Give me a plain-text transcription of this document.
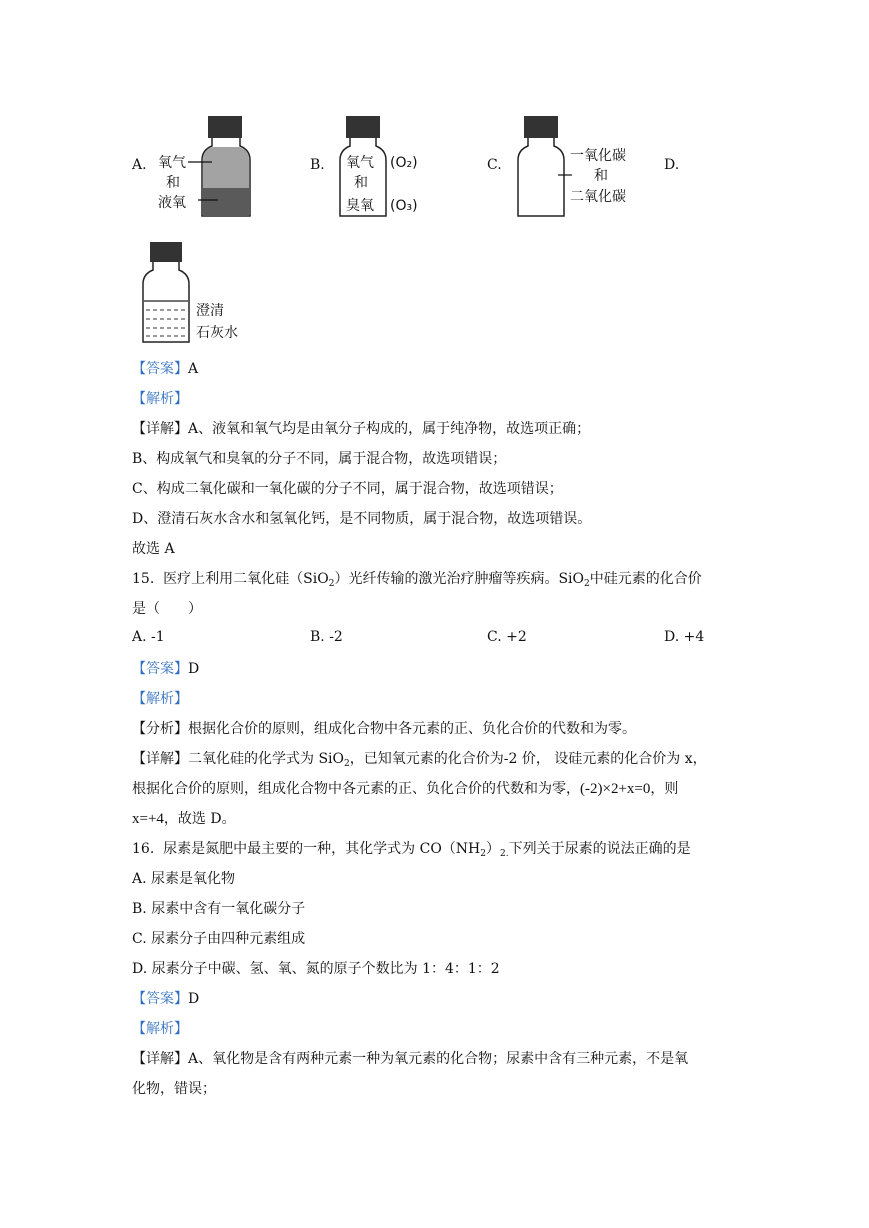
A. 氧气
和
液氧
B. 氧气
和
臭氧
(O₂)
(O₃)
C.
一氧化碳
和
二氧化碳
D.
澄清
石灰水
【答案】A
【解析】
【详解】A、液氧和氧气均是由氧分子构成的，属于纯净物，故选项正确；
B、构成氧气和臭氧的分子不同，属于混合物，故选项错误；
C、构成二氧化碳和一氧化碳的分子不同，属于混合物，故选项错误；
D、澄清石灰水含水和氢氧化钙，是不同物质，属于混合物，故选项错误。
故选 A
15. 医疗上利用二氧化硅（SiO$_2$）光纤传输的激光治疗肿瘤等疾病。SiO$_2$中硅元素的化合价
是（　　）
A. -1	B. -2	C. +2	D. +4
【答案】D
【解析】
【分析】根据化合价的原则，组成化合物中各元素的正、负化合价的代数和为零。
【详解】二氧化硅的化学式为 SiO$_2$，已知氧元素的化合价为-2 价， 设硅元素的化合价为 x，
根据化合价的原则，组成化合物中各元素的正、负化合价的代数和为零，(-2)×2+x=0，则
x=+4，故选 D。
16. 尿素是氮肥中最主要的一种，其化学式为 $CO(NH_2)_{2.}$下列关于尿素的说法正确的是
A. 尿素是氧化物
B. 尿素中含有一氧化碳分子
C. 尿素分子由四种元素组成
D. 尿素分子中碳、氢、氧、氮的原子个数比为 1：4：1：2
【答案】D
【解析】
【详解】A、氧化物是含有两种元素一种为氧元素的化合物；尿素中含有三种元素，不是氧
化物，错误；
